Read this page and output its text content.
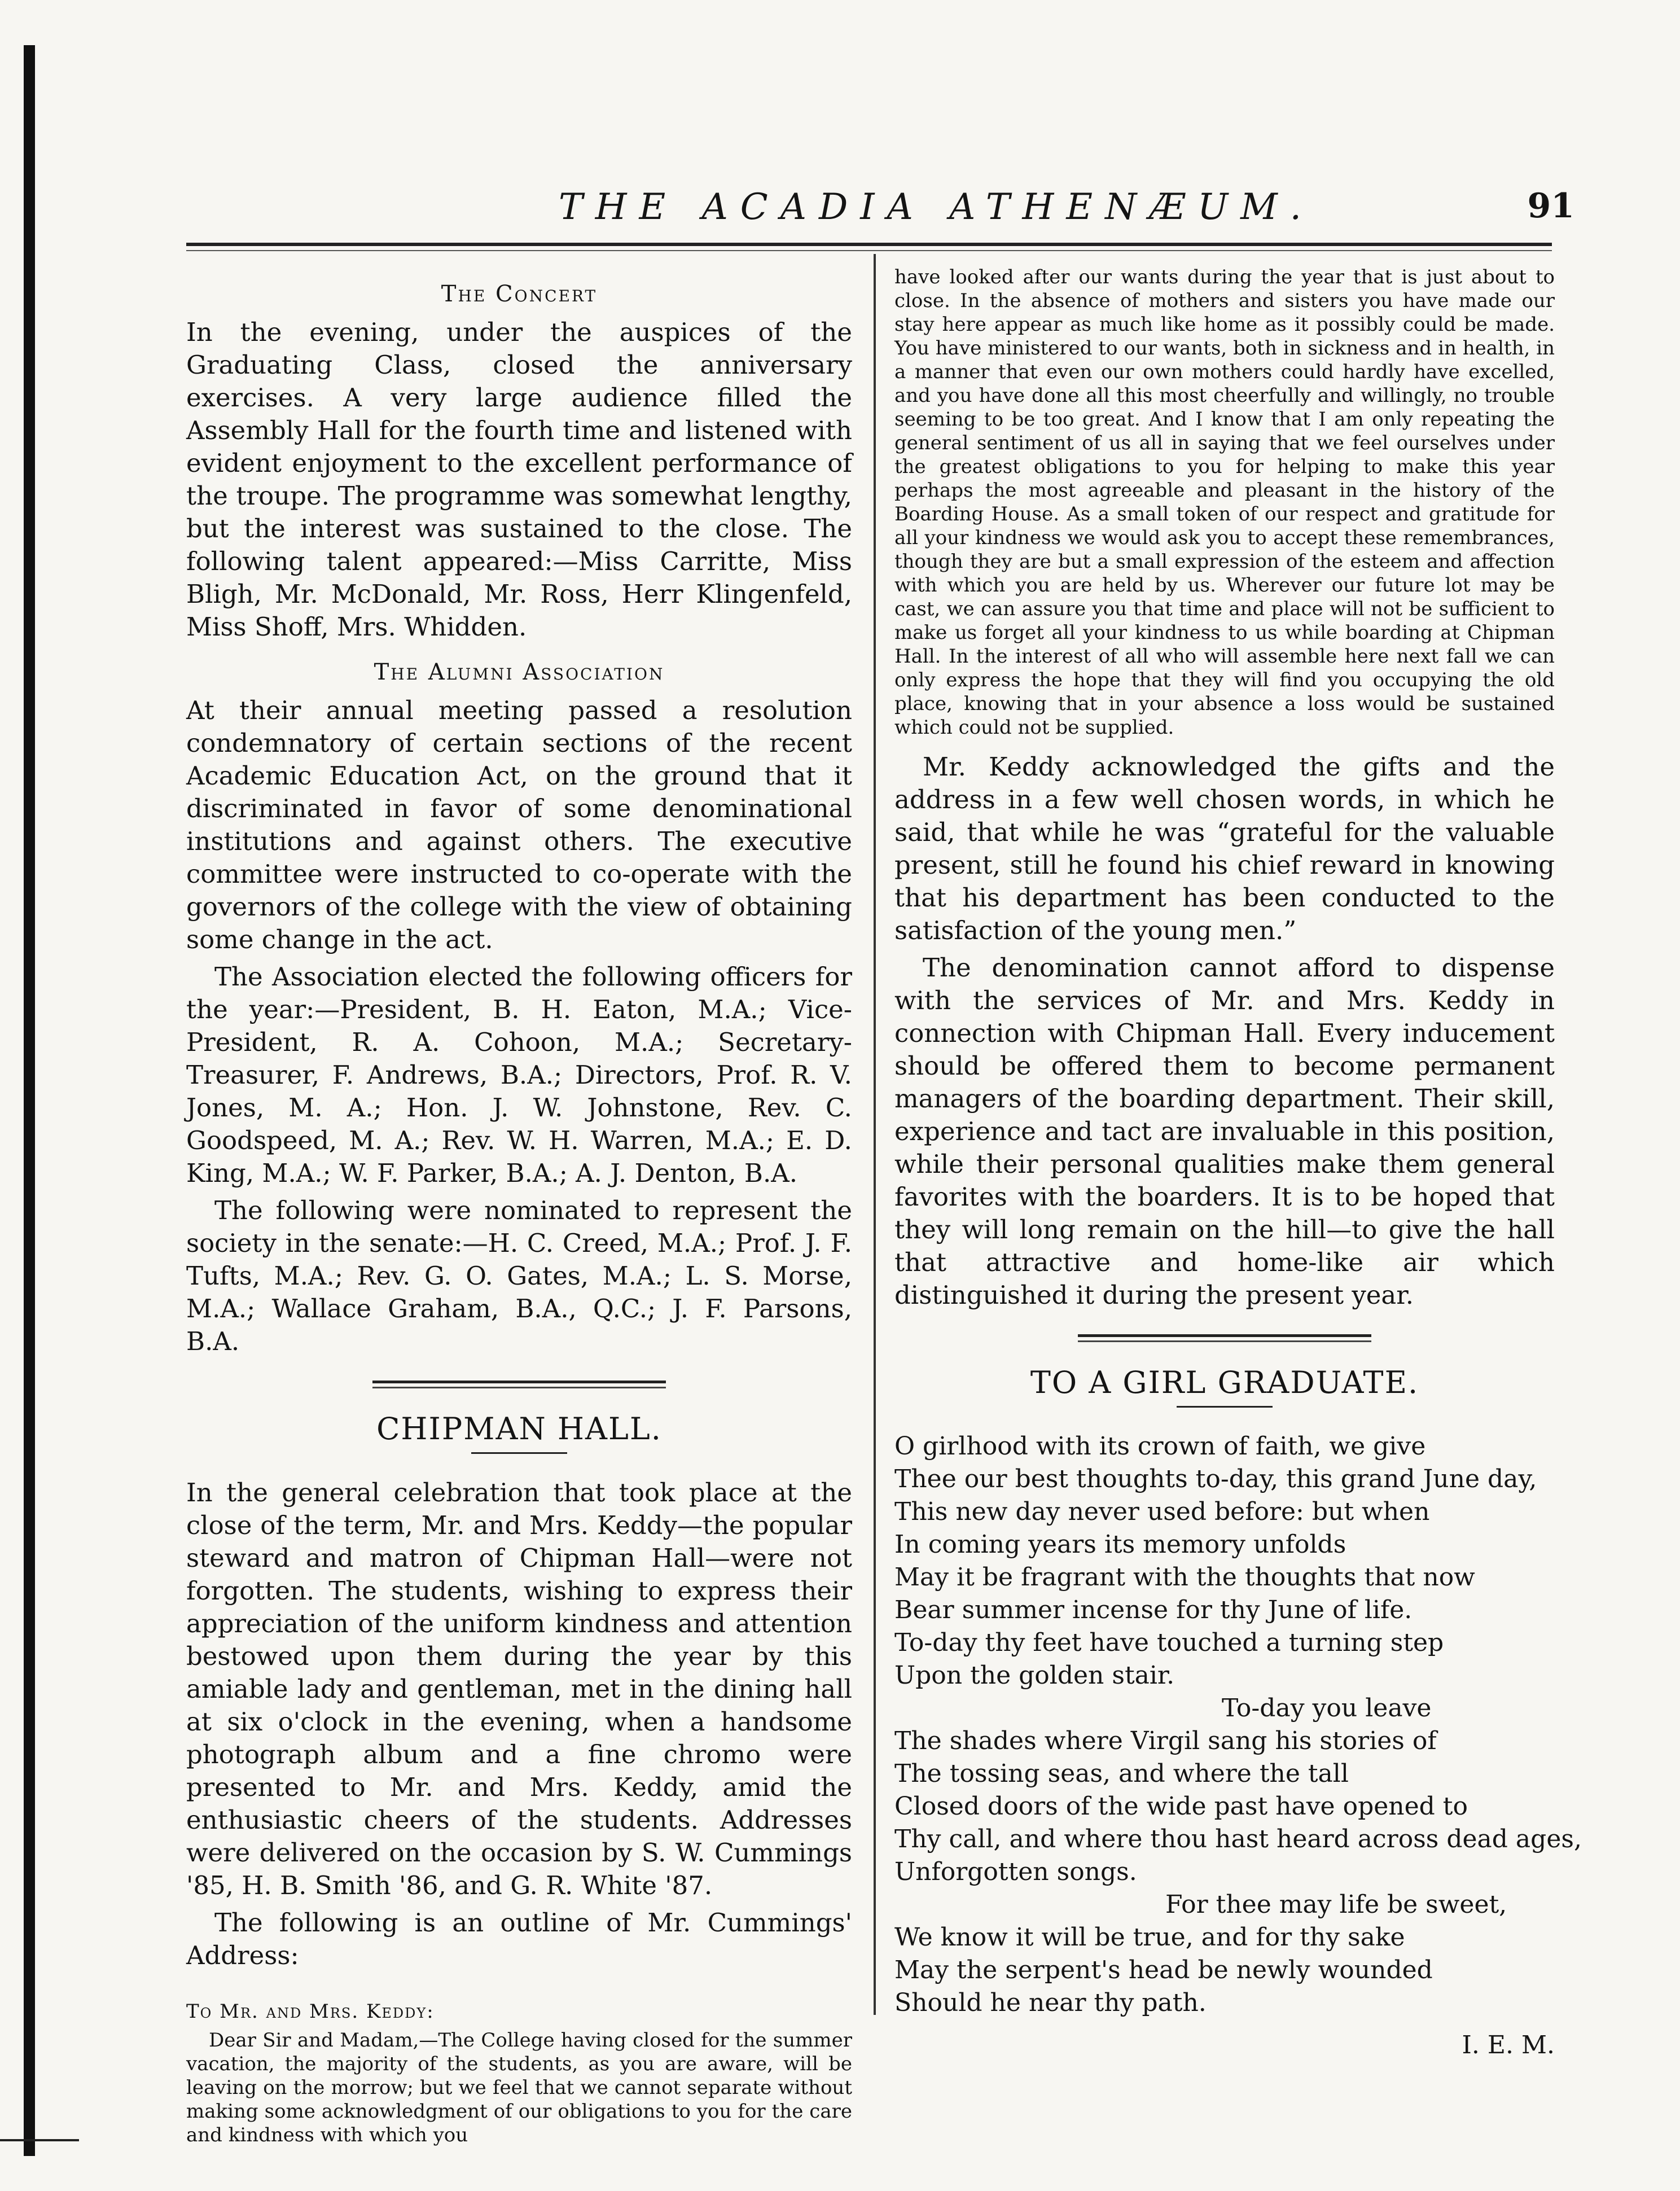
THE ACADIA ATHENÆUM.	91
The Concert

In the evening, under the auspices of the Graduating Class, closed the anniversary exercises. A very large audience filled the Assembly Hall for the fourth time and listened with evident enjoyment to the excellent performance of the troupe. The programme was somewhat lengthy, but the interest was sustained to the close. The following talent appeared:—Miss Carritte, Miss Bligh, Mr. McDonald, Mr. Ross, Herr Klingenfeld, Miss Shoff, Mrs. Whidden.

The Alumni Association

At their annual meeting passed a resolution condemnatory of certain sections of the recent Academic Education Act, on the ground that it discriminated in favor of some denominational institutions and against others. The executive committee were instructed to co-operate with the governors of the college with the view of obtaining some change in the act.

The Association elected the following officers for the year:—President, B. H. Eaton, M.A.; Vice-President, R. A. Cohoon, M.A.; Secretary-Treasurer, F. Andrews, B.A.; Directors, Prof. R. V. Jones, M. A.; Hon. J. W. Johnstone, Rev. C. Goodspeed, M. A.; Rev. W. H. Warren, M.A.; E. D. King, M.A.; W. F. Parker, B.A.; A. J. Denton, B.A.

The following were nominated to represent the society in the senate:—H. C. Creed, M.A.; Prof. J. F. Tufts, M.A.; Rev. G. O. Gates, M.A.; L. S. Morse, M.A.; Wallace Graham, B.A., Q.C.; J. F. Parsons, B.A.

CHIPMAN HALL.

In the general celebration that took place at the close of the term, Mr. and Mrs. Keddy—the popular steward and matron of Chipman Hall—were not forgotten. The students, wishing to express their appreciation of the uniform kindness and attention bestowed upon them during the year by this amiable lady and gentleman, met in the dining hall at six o'clock in the evening, when a handsome photograph album and a fine chromo were presented to Mr. and Mrs. Keddy, amid the enthusiastic cheers of the students. Addresses were delivered on the occasion by S. W. Cummings '85, H. B. Smith '86, and G. R. White '87.

The following is an outline of Mr. Cummings' Address:

To Mr. and Mrs. Keddy:

Dear Sir and Madam,—The College having closed for the summer vacation, the majority of the students, as you are aware, will be leaving on the morrow; but we feel that we cannot separate without making some acknowledgment of our obligations to you for the care and kindness with which you

have looked after our wants during the year that is just about to close. In the absence of mothers and sisters you have made our stay here appear as much like home as it possibly could be made. You have ministered to our wants, both in sickness and in health, in a manner that even our own mothers could hardly have excelled, and you have done all this most cheerfully and willingly, no trouble seeming to be too great. And I know that I am only repeating the general sentiment of us all in saying that we feel ourselves under the greatest obligations to you for helping to make this year perhaps the most agreeable and pleasant in the history of the Boarding House. As a small token of our respect and gratitude for all your kindness we would ask you to accept these remembrances, though they are but a small expression of the esteem and affection with which you are held by us. Wherever our future lot may be cast, we can assure you that time and place will not be sufficient to make us forget all your kindness to us while boarding at Chipman Hall. In the interest of all who will assemble here next fall we can only express the hope that they will find you occupying the old place, knowing that in your absence a loss would be sustained which could not be supplied.

Mr. Keddy acknowledged the gifts and the address in a few well chosen words, in which he said, that while he was “grateful for the valuable present, still he found his chief reward in knowing that his department has been conducted to the satisfaction of the young men.”

The denomination cannot afford to dispense with the services of Mr. and Mrs. Keddy in connection with Chipman Hall. Every inducement should be offered them to become permanent managers of the boarding department. Their skill, experience and tact are invaluable in this position, while their personal qualities make them general favorites with the boarders. It is to be hoped that they will long remain on the hill—to give the hall that attractive and home-like air which distinguished it during the present year.

TO A GIRL GRADUATE.
O girlhood with its crown of faith, we give
Thee our best thoughts to-day, this grand June day,
This new day never used before: but when
In coming years its memory unfolds
May it be fragrant with the thoughts that now
Bear summer incense for thy June of life.
To-day thy feet have touched a turning step
Upon the golden stair.
To-day you leave
The shades where Virgil sang his stories of
The tossing seas, and where the tall
Closed doors of the wide past have opened to
Thy call, and where thou hast heard across dead ages,
Unforgotten songs.
For thee may life be sweet,
We know it will be true, and for thy sake
May the serpent's head be newly wounded
Should he near thy path.
I. E. M.
